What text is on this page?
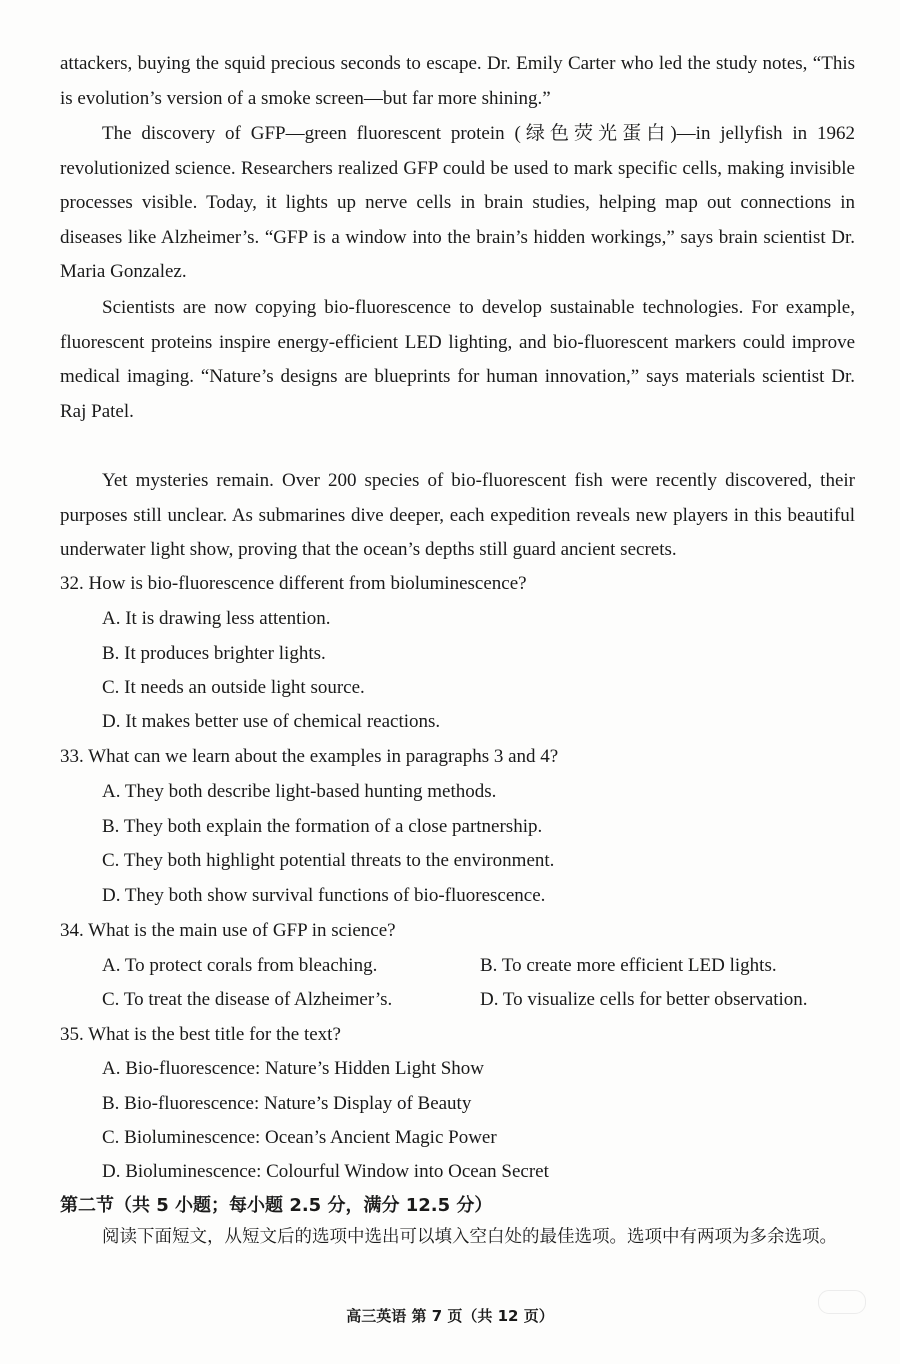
attackers, buying the squid precious seconds to escape. Dr. Emily Carter who led the study notes, “This is evolution’s version of a smoke screen—but far more shining.”

The discovery of GFP—green fluorescent protein (绿色荧光蛋白)—in jellyfish in 1962 revolutionized science. Researchers realized GFP could be used to mark specific cells, making invisible processes visible. Today, it lights up nerve cells in brain studies, helping map out connections in diseases like Alzheimer’s. “GFP is a window into the brain’s hidden workings,” says brain scientist Dr. Maria Gonzalez.

Scientists are now copying bio-fluorescence to develop sustainable technologies. For example, fluorescent proteins inspire energy-efficient LED lighting, and bio-fluorescent markers could improve medical imaging. “Nature’s designs are blueprints for human innovation,” says materials scientist Dr. Raj Patel.

Yet mysteries remain. Over 200 species of bio-fluorescent fish were recently discovered, their purposes still unclear. As submarines dive deeper, each expedition reveals new players in this beautiful underwater light show, proving that the ocean’s depths still guard ancient secrets.

32. How is bio-fluorescence different from bioluminescence?
A. It is drawing less attention.
B. It produces brighter lights.
C. It needs an outside light source.
D. It makes better use of chemical reactions.
33. What can we learn about the examples in paragraphs 3 and 4?
A. They both describe light-based hunting methods.
B. They both explain the formation of a close partnership.
C. They both highlight potential threats to the environment.
D. They both show survival functions of bio-fluorescence.
34. What is the main use of GFP in science?
A. To protect corals from bleaching.	B. To create more efficient LED lights.
C. To treat the disease of Alzheimer’s.	D. To visualize cells for better observation.
35. What is the best title for the text?
A. Bio-fluorescence: Nature’s Hidden Light Show
B. Bio-fluorescence: Nature’s Display of Beauty
C. Bioluminescence: Ocean’s Ancient Magic Power
D. Bioluminescence: Colourful Window into Ocean Secret
第二节（共 5 小题；每小题 2.5 分，满分 12.5 分）

阅读下面短文，从短文后的选项中选出可以填入空白处的最佳选项。选项中有两项为多余选项。

高三英语 第 7 页（共 12 页）
